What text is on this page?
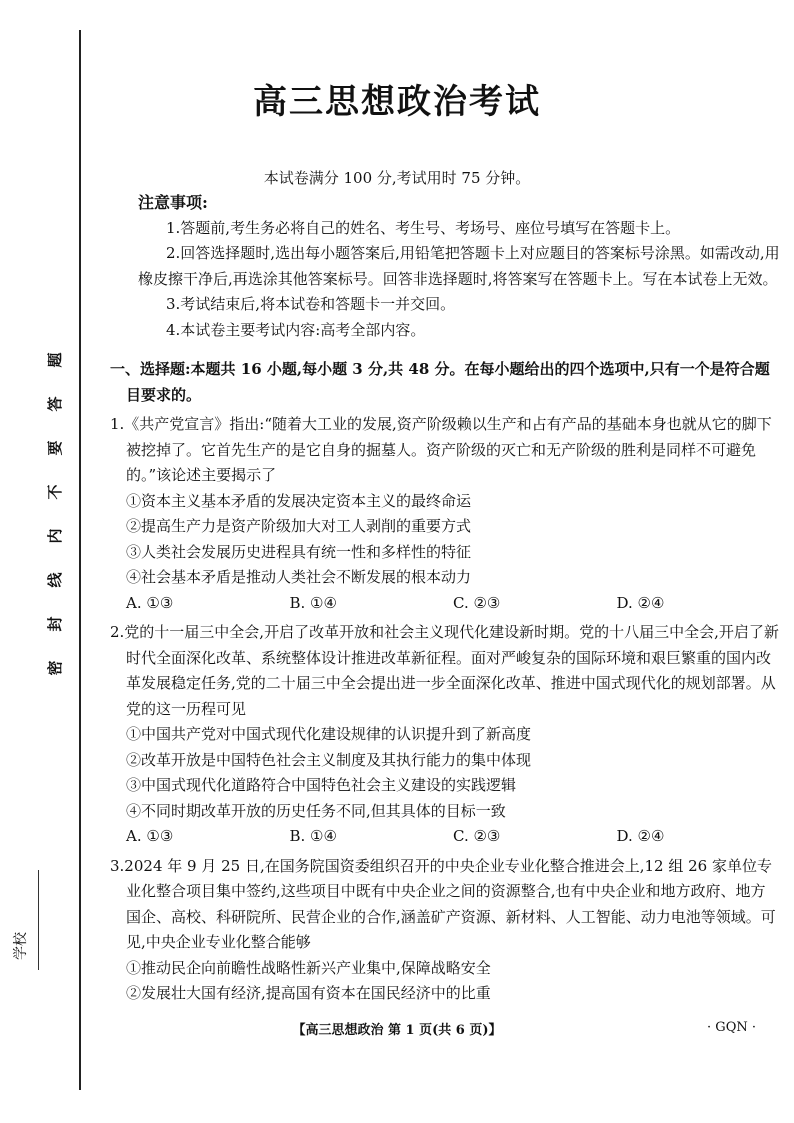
题
答
要
不
内
线
封
密
学校
高三思想政治考试
本试卷满分 100 分,考试用时 75 分钟。
注意事项:
1.答题前,考生务必将自己的姓名、考生号、考场号、座位号填写在答题卡上。
2.回答选择题时,选出每小题答案后,用铅笔把答题卡上对应题目的答案标号涂黑。如需改动,用橡皮擦干净后,再选涂其他答案标号。回答非选择题时,将答案写在答题卡上。写在本试卷上无效。
3.考试结束后,将本试卷和答题卡一并交回。
4.本试卷主要考试内容:高考全部内容。
一、选择题:本题共 16 小题,每小题 3 分,共 48 分。在每小题给出的四个选项中,只有一个是符合题目要求的。
1.《共产党宣言》指出:“随着大工业的发展,资产阶级赖以生产和占有产品的基础本身也就从它的脚下被挖掉了。它首先生产的是它自身的掘墓人。资产阶级的灭亡和无产阶级的胜利是同样不可避免的。”该论述主要揭示了
①资本主义基本矛盾的发展决定资本主义的最终命运
②提高生产力是资产阶级加大对工人剥削的重要方式
③人类社会发展历史进程具有统一性和多样性的特征
④社会基本矛盾是推动人类社会不断发展的根本动力
A. ①③	B. ①④	C. ②③	D. ②④
2.党的十一届三中全会,开启了改革开放和社会主义现代化建设新时期。党的十八届三中全会,开启了新时代全面深化改革、系统整体设计推进改革新征程。面对严峻复杂的国际环境和艰巨繁重的国内改革发展稳定任务,党的二十届三中全会提出进一步全面深化改革、推进中国式现代化的规划部署。从党的这一历程可见
①中国共产党对中国式现代化建设规律的认识提升到了新高度
②改革开放是中国特色社会主义制度及其执行能力的集中体现
③中国式现代化道路符合中国特色社会主义建设的实践逻辑
④不同时期改革开放的历史任务不同,但其具体的目标一致
A. ①③	B. ①④	C. ②③	D. ②④
3.2024 年 9 月 25 日,在国务院国资委组织召开的中央企业专业化整合推进会上,12 组 26 家单位专业化整合项目集中签约,这些项目中既有中央企业之间的资源整合,也有中央企业和地方政府、地方国企、高校、科研院所、民营企业的合作,涵盖矿产资源、新材料、人工智能、动力电池等领域。可见,中央企业专业化整合能够
①推动民企向前瞻性战略性新兴产业集中,保障战略安全
②发展壮大国有经济,提高国有资本在国民经济中的比重
【高三思想政治 第 1 页(共 6 页)】	· GQN ·
